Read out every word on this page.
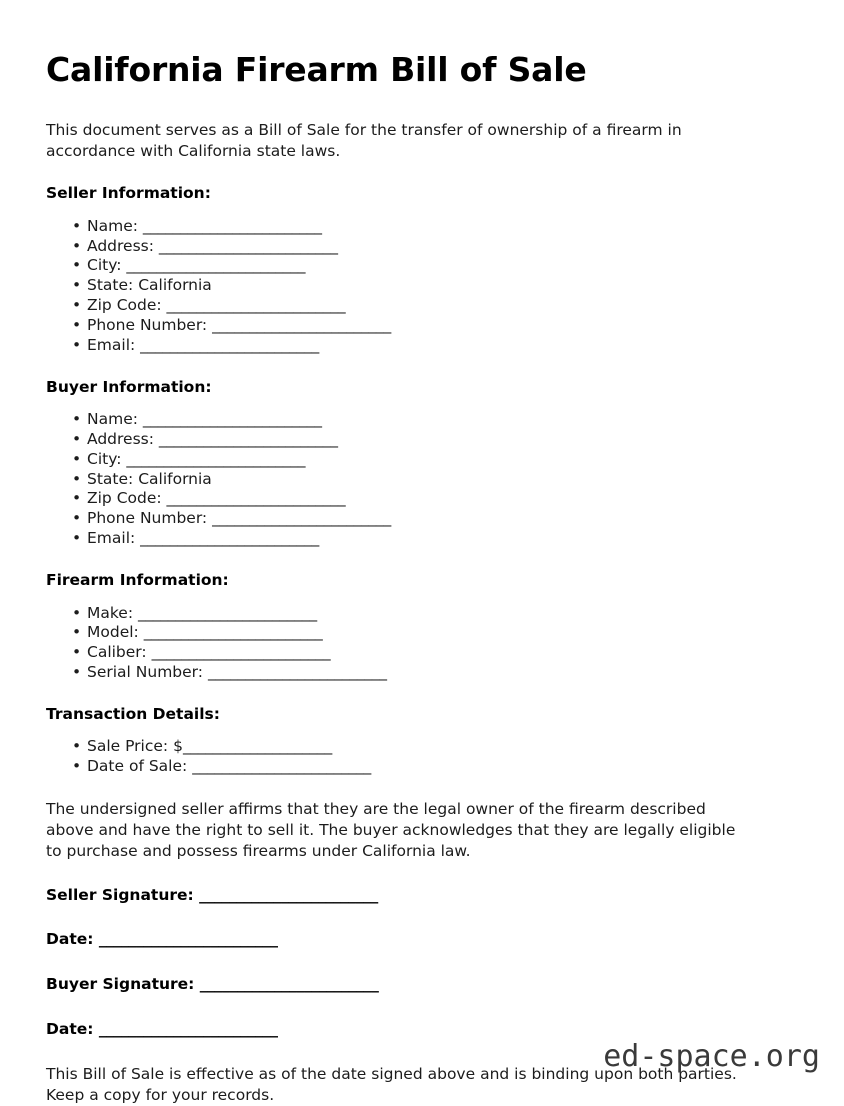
California Firearm Bill of Sale

This document serves as a Bill of Sale for the transfer of ownership of a firearm in accordance with California state laws.

Seller Information:
• Name: ________________________
• Address: ________________________
• City: ________________________
• State: California
• Zip Code: ________________________
• Phone Number: ________________________
• Email: ________________________
Buyer Information:
• Name: ________________________
• Address: ________________________
• City: ________________________
• State: California
• Zip Code: ________________________
• Phone Number: ________________________
• Email: ________________________
Firearm Information:
• Make: ________________________
• Model: ________________________
• Caliber: ________________________
• Serial Number: ________________________
Transaction Details:
• Sale Price: $____________________
• Date of Sale: ________________________

The undersigned seller affirms that they are the legal owner of the firearm described above and have the right to sell it. The buyer acknowledges that they are legally eligible to purchase and possess firearms under California law.

Seller Signature: ________________________
Date: ________________________
Buyer Signature: ________________________
Date: ________________________

This Bill of Sale is effective as of the date signed above and is binding upon both parties. Keep a copy for your records.

ed-space.org
